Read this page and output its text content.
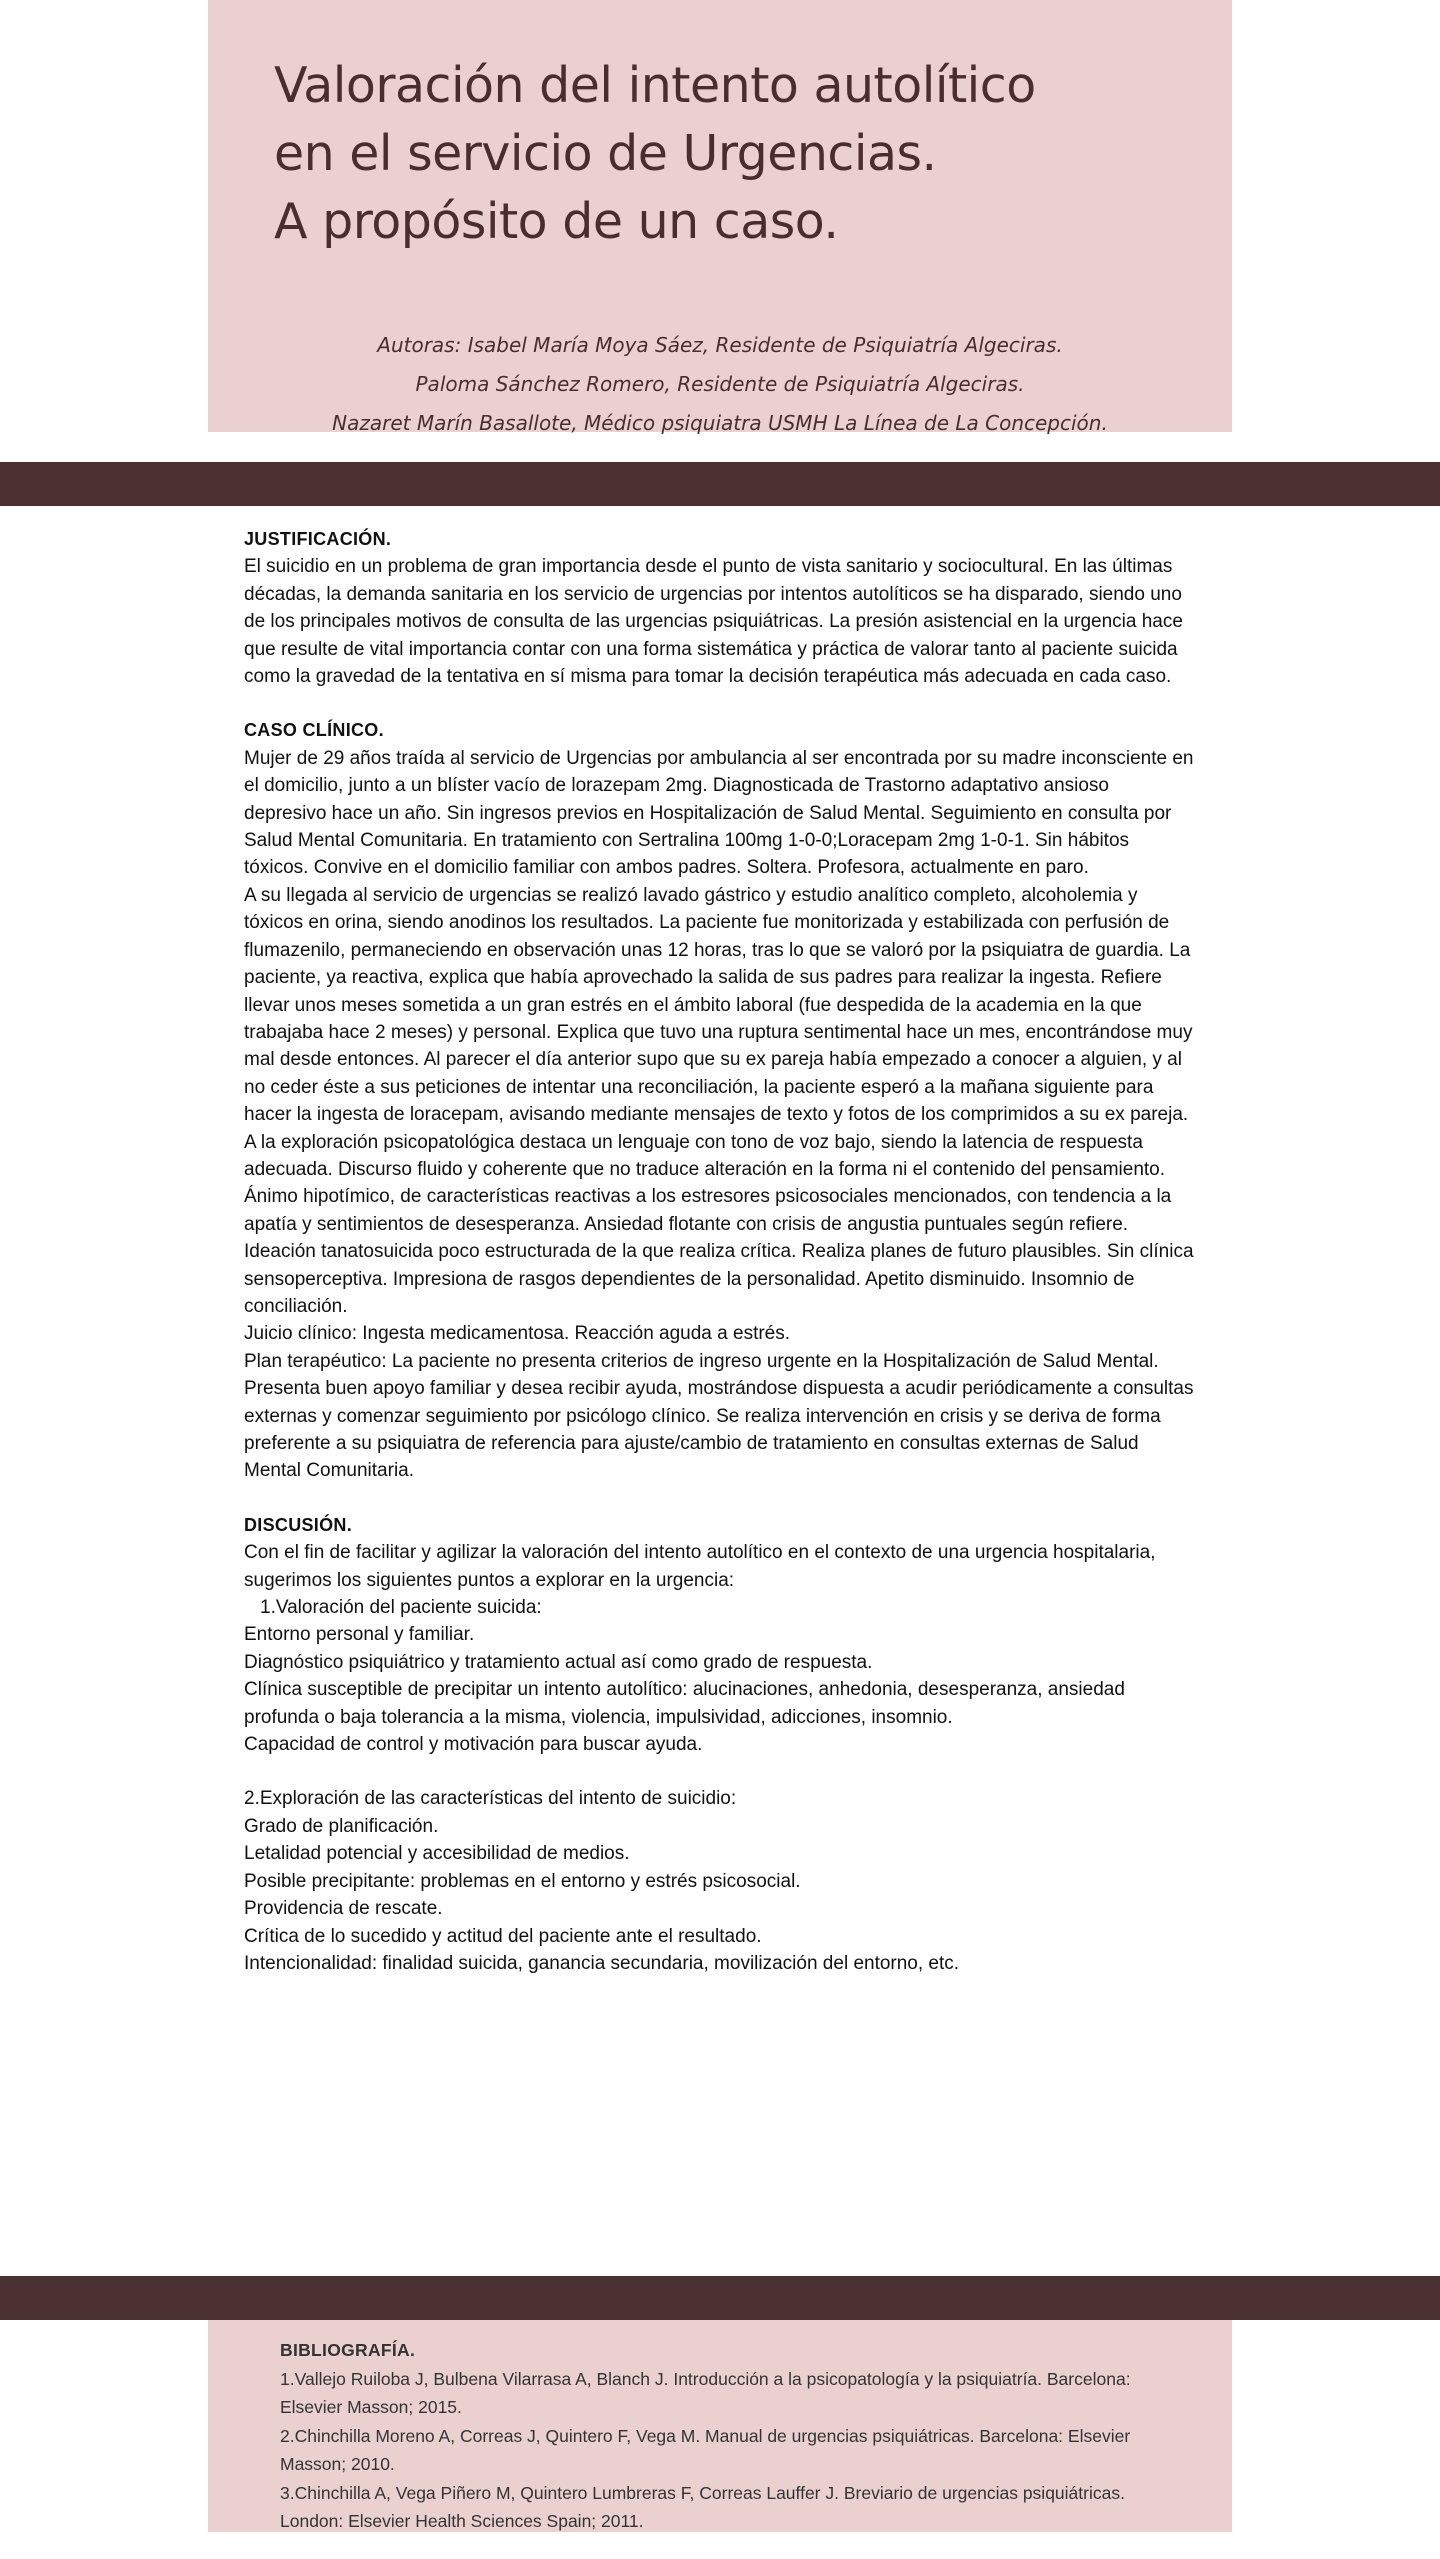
Valoración del intento autolítico
en el servicio de Urgencias.
A propósito de un caso.
Autoras: Isabel María Moya Sáez, Residente de Psiquiatría Algeciras.
Paloma Sánchez Romero, Residente de Psiquiatría Algeciras.
Nazaret Marín Basallote, Médico psiquiatra USMH La Línea de La Concepción.

JUSTIFICACIÓN.

El suicidio en un problema de gran importancia desde el punto de vista sanitario y sociocultural. En las últimas décadas, la demanda sanitaria en los servicio de urgencias por intentos autolíticos se ha disparado, siendo uno de los principales motivos de consulta de las urgencias psiquiátricas. La presión asistencial en la urgencia hace que resulte de vital importancia contar con una forma sistemática y práctica de valorar tanto al paciente suicida como la gravedad de la tentativa en sí misma para tomar la decisión terapéutica más adecuada en cada caso.

CASO CLÍNICO.

Mujer de 29 años traída al servicio de Urgencias por ambulancia al ser encontrada por su madre inconsciente en el domicilio, junto a un blíster vacío de lorazepam 2mg. Diagnosticada de Trastorno adaptativo ansioso depresivo hace un año. Sin ingresos previos en Hospitalización de Salud Mental. Seguimiento en consulta por Salud Mental Comunitaria. En tratamiento con Sertralina 100mg 1-0-0;Loracepam 2mg 1-0-1. Sin hábitos tóxicos. Convive en el domicilio familiar con ambos padres. Soltera. Profesora, actualmente en paro.

A su llegada al servicio de urgencias se realizó lavado gástrico y estudio analítico completo, alcoholemia y tóxicos en orina, siendo anodinos los resultados. La paciente fue monitorizada y estabilizada con perfusión de flumazenilo, permaneciendo en observación unas 12 horas, tras lo que se valoró por la psiquiatra de guardia. La paciente, ya reactiva, explica que había aprovechado la salida de sus padres para realizar la ingesta. Refiere llevar unos meses sometida a un gran estrés en el ámbito laboral (fue despedida de la academia en la que trabajaba hace 2 meses) y personal. Explica que tuvo una ruptura sentimental hace un mes, encontrándose muy mal desde entonces. Al parecer el día anterior supo que su ex pareja había empezado a conocer a alguien, y al no ceder éste a sus peticiones de intentar una reconciliación, la paciente esperó a la mañana siguiente para hacer la ingesta de loracepam, avisando mediante mensajes de texto y fotos de los comprimidos a su ex pareja.

A la exploración psicopatológica destaca un lenguaje con tono de voz bajo, siendo la latencia de respuesta adecuada. Discurso fluido y coherente que no traduce alteración en la forma ni el contenido del pensamiento. Ánimo hipotímico, de características reactivas a los estresores psicosociales mencionados, con tendencia a la apatía y sentimientos de desesperanza. Ansiedad flotante con crisis de angustia puntuales según refiere. Ideación tanatosuicida poco estructurada de la que realiza crítica. Realiza planes de futuro plausibles. Sin clínica sensoperceptiva. Impresiona de rasgos dependientes de la personalidad. Apetito disminuido. Insomnio de conciliación.

Juicio clínico: Ingesta medicamentosa. Reacción aguda a estrés.

Plan terapéutico: La paciente no presenta criterios de ingreso urgente en la Hospitalización de Salud Mental. Presenta buen apoyo familiar y desea recibir ayuda, mostrándose dispuesta a acudir periódicamente a consultas externas y comenzar seguimiento por psicólogo clínico. Se realiza intervención en crisis y se deriva de forma preferente a su psiquiatra de referencia para ajuste/cambio de tratamiento en consultas externas de Salud Mental Comunitaria.

DISCUSIÓN.

Con el fin de facilitar y agilizar la valoración del intento autolítico en el contexto de una urgencia hospitalaria, sugerimos los siguientes puntos a explorar en la urgencia:

1.Valoración del paciente suicida:

Entorno personal y familiar.

Diagnóstico psiquiátrico y tratamiento actual así como grado de respuesta.

Clínica susceptible de precipitar un intento autolítico: alucinaciones, anhedonia, desesperanza, ansiedad profunda o baja tolerancia a la misma, violencia, impulsividad, adicciones, insomnio.

Capacidad de control y motivación para buscar ayuda.

2.Exploración de las características del intento de suicidio:

Grado de planificación.

Letalidad potencial y accesibilidad de medios.

Posible precipitante: problemas en el entorno y estrés psicosocial.

Providencia de rescate.

Crítica de lo sucedido y actitud del paciente ante el resultado.

Intencionalidad: finalidad suicida, ganancia secundaria, movilización del entorno, etc.

BIBLIOGRAFÍA.

1.Vallejo Ruiloba J, Bulbena Vilarrasa A, Blanch J. Introducción a la psicopatología y la psiquiatría. Barcelona: Elsevier Masson; 2015.

2.Chinchilla Moreno A, Correas J, Quintero F, Vega M. Manual de urgencias psiquiátricas. Barcelona: Elsevier Masson; 2010.

3.Chinchilla A, Vega Piñero M, Quintero Lumbreras F, Correas Lauffer J. Breviario de urgencias psiquiátricas. London: Elsevier Health Sciences Spain; 2011.
